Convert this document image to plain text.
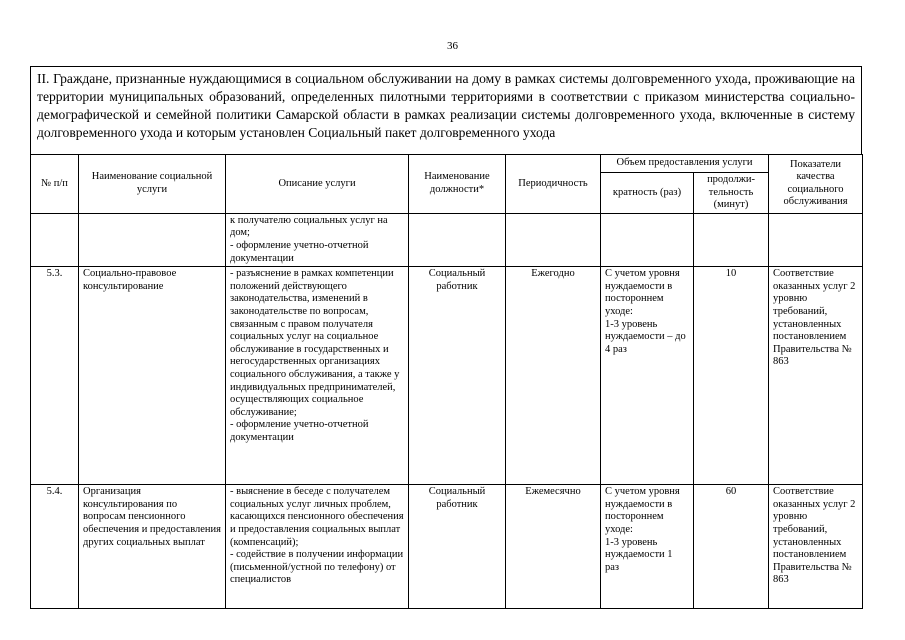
36
II. Граждане, признанные нуждающимися в социальном обслуживании на дому в рамках системы долговременного ухода, проживающие на территории муниципальных образований, определенных пилотными территориями в соответствии с приказом министерства социально-демографической и семейной политики Самарской области в рамках реализации системы долговременного ухода, включенные в систему долговременного ухода и которым установлен Социальный пакет долговременного ухода
№ п/п	Наименование социальной услуги	Описание услуги	Наименование должности*	Периодичность	Объем предоставления услуги		Показатели качества социального обслуживания
					кратность (раз)	продолжи-тельность (минут)	
		к получателю социальных услуг на дом;
- оформление учетно-отчетной документации					
5.3.	Социально-правовое консультирование	- разъяснение в рамках компетенции положений действующего законодательства, изменений в законодательстве по вопросам, связанным с правом получателя социальных услуг на социальное обслуживание в государственных и негосударственных организациях социального обслуживания, а также у индивидуальных предпринимателей, осуществляющих социальное обслуживание;
- оформление учетно-отчетной документации	Социальный работник	Ежегодно	С учетом уровня нуждаемости в постороннем уходе:
1-3 уровень нуждаемости – до 4 раз	10	Соответствие оказанных услуг 2 уровню требований, установленных постановлением Правительства № 863
5.4.	Организация консультирования по вопросам пенсионного обеспечения и предоставления других социальных выплат	- выяснение в беседе с получателем социальных услуг личных проблем, касающихся пенсионного обеспечения и предоставления социальных выплат (компенсаций);
- содействие в получении информации (письменной/устной по телефону) от специалистов	Социальный работник	Ежемесячно	С учетом уровня нуждаемости в постороннем уходе:
1-3 уровень нуждаемости 1 раз	60	Соответствие оказанных услуг 2 уровню требований, установленных постановлением Правительства № 863
